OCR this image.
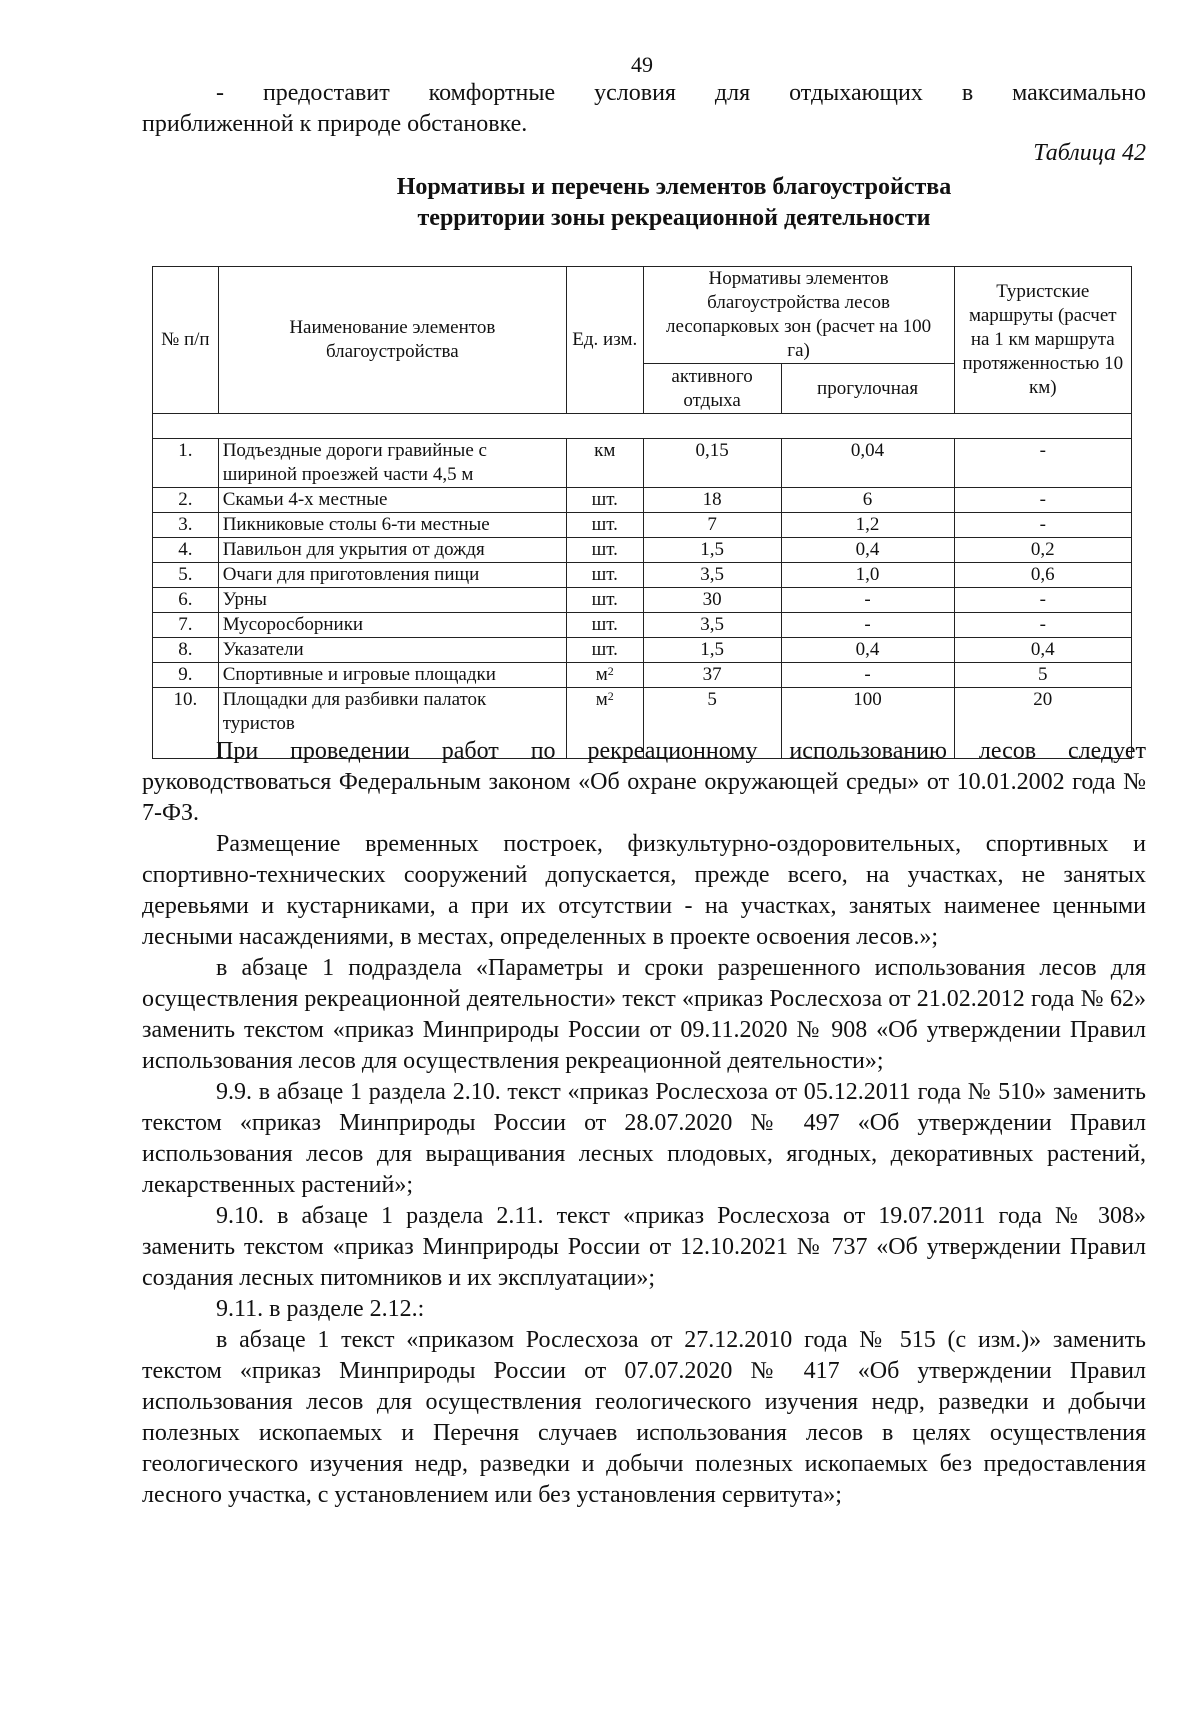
49

- предоставит комфортные условия для отдыхающих в максимально

приближенной к природе обстановке.

Таблица 42
Нормативы и перечень элементов благоустройства
территории зоны рекреационной деятельности
№ п/п	Наименование элементов благоустройства	Ед. изм.	Нормативы элементов благоустройства лесов лесопарковых зон (расчет на 100 га)		Туристские маршруты (расчет на 1 км маршрута протяженностью 10 км)
			активного отдыха	прогулочная	

1.	Подъездные дороги гравийные с шириной проезжей части 4,5 м	км	0,15	0,04	-
2.	Скамьи 4-х местные	шт.	18	6	-
3.	Пикниковые столы 6-ти местные	шт.	7	1,2	-
4.	Павильон для укрытия от дождя	шт.	1,5	0,4	0,2
5.	Очаги для приготовления пищи	шт.	3,5	1,0	0,6
6.	Урны	шт.	30	-	-
7.	Мусоросборники	шт.	3,5	-	-
8.	Указатели	шт.	1,5	0,4	0,4
9.	Спортивные и игровые площадки	$м^2$	37	-	5
10.	Площадки для разбивки палаток туристов	$м^2$	5	100	20

При проведении работ по рекреационному использованию лесов следует руководствоваться Федеральным законом «Об охране окружающей среды» от 10.01.2002 года № 7-ФЗ.

Размещение временных построек, физкультурно-оздоровительных, спортивных и спортивно-технических сооружений допускается, прежде всего, на участках, не занятых деревьями и кустарниками, а при их отсутствии - на участках, занятых наименее ценными лесными насаждениями, в местах, определенных в проекте освоения лесов.»;

в абзаце 1 подраздела «Параметры и сроки разрешенного использования лесов для осуществления рекреационной деятельности» текст «приказ Рослесхоза от 21.02.2012 года № 62» заменить текстом «приказ Минприроды России от 09.11.2020 № 908 «Об утверждении Правил использования лесов для осуществления рекреационной деятельности»;

9.9. в абзаце 1 раздела 2.10. текст «приказ Рослесхоза от 05.12.2011 года № 510» заменить текстом «приказ Минприроды России от 28.07.2020 № 497 «Об утверждении Правил использования лесов для выращивания лесных плодовых, ягодных, декоративных растений, лекарственных растений»;

9.10. в абзаце 1 раздела 2.11. текст «приказ Рослесхоза от 19.07.2011 года № 308» заменить текстом «приказ Минприроды России от 12.10.2021 № 737 «Об утверждении Правил создания лесных питомников и их эксплуатации»;

9.11. в разделе 2.12.:

в абзаце 1 текст «приказом Рослесхоза от 27.12.2010 года № 515 (с изм.)» заменить текстом «приказ Минприроды России от 07.07.2020 № 417 «Об утверждении Правил использования лесов для осуществления геологического изучения недр, разведки и добычи полезных ископаемых и Перечня случаев использования лесов в целях осуществления геологического изучения недр, разведки и добычи полезных ископаемых без предоставления лесного участка, с установлением или без установления сервитута»;
